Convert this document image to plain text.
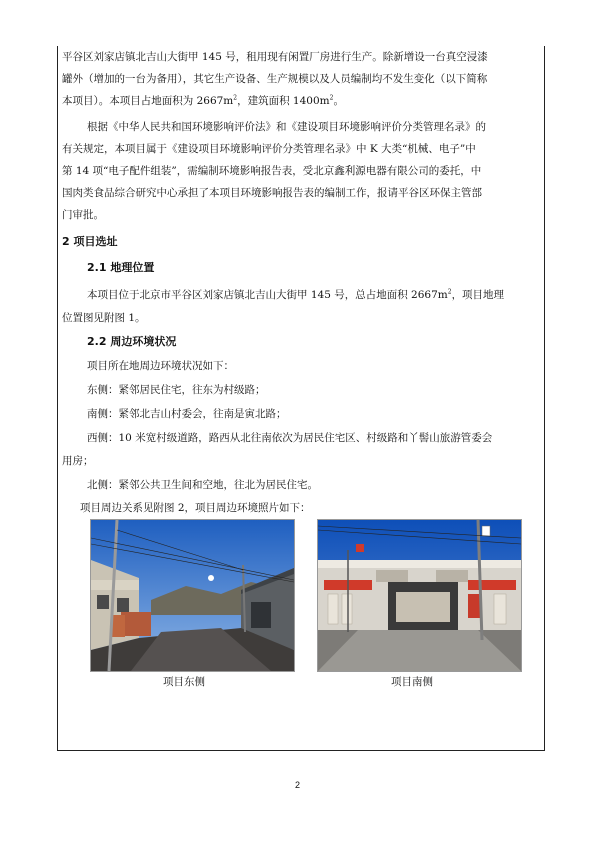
平谷区刘家店镇北吉山大街甲 145 号，租用现有闲置厂房进行生产。除新增设一台真空浸漆

罐外（增加的一台为备用），其它生产设备、生产规模以及人员编制均不发生变化（以下简称

本项目）。本项目占地面积为 $2667m^2$，建筑面积 $1400m^2$。

根据《中华人民共和国环境影响评价法》和《建设项目环境影响评价分类管理名录》的

有关规定，本项目属于《建设项目环境影响评价分类管理名录》中 K 大类“机械、电子”中

第 14 项“电子配件组装”，需编制环境影响报告表，受北京鑫利源电器有限公司的委托，中

国肉类食品综合研究中心承担了本项目环境影响报告表的编制工作，报请平谷区环保主管部

门审批。

2 项目选址

2.1 地理位置

本项目位于北京市平谷区刘家店镇北吉山大街甲 145 号，总占地面积 $2667m^2$，项目地理

位置图见附图 1。

2.2 周边环境状况

项目所在地周边环境状况如下：

东侧：紧邻居民住宅，往东为村级路；

南侧：紧邻北吉山村委会，往南是寅北路；

西侧：10 米宽村级道路，路西从北往南依次为居民住宅区、村级路和丫髻山旅游管委会

用房；

北侧：紧邻公共卫生间和空地，往北为居民住宅。

项目周边关系见附图 2，项目周边环境照片如下：

项目东侧	项目南侧
2
